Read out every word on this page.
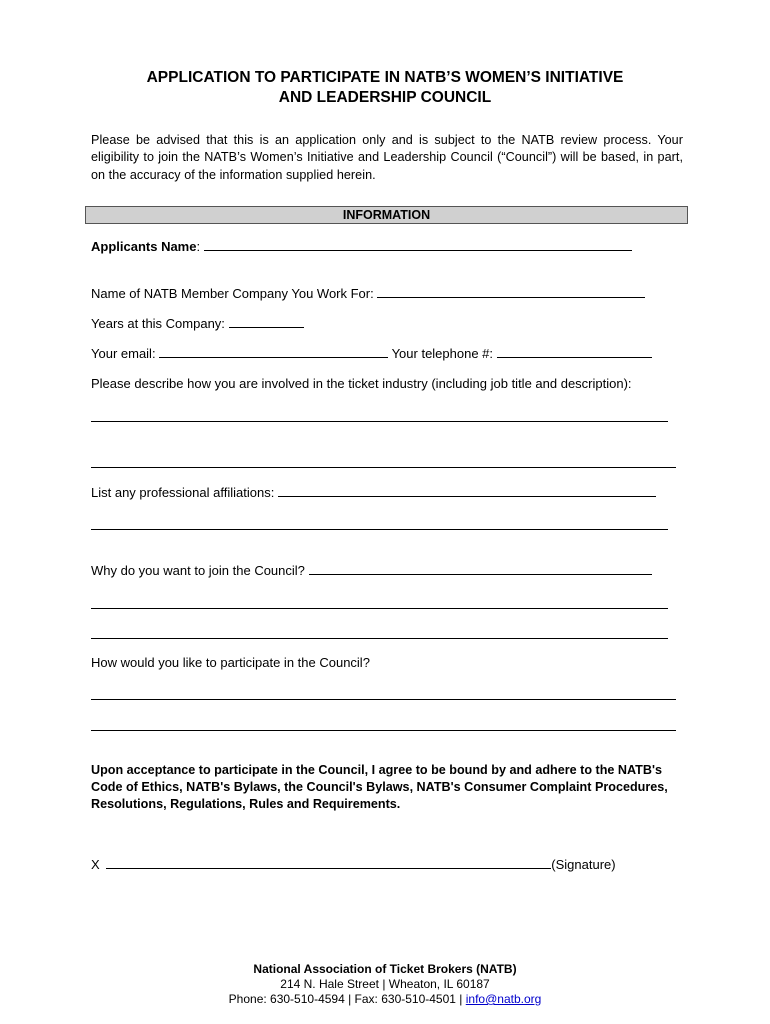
APPLICATION TO PARTICIPATE IN NATB’S WOMEN’S INITIATIVE
AND LEADERSHIP COUNCIL
Please be advised that this is an application only and is subject to the NATB review process. Your eligibility to join the NATB’s Women’s Initiative and Leadership Council (“Council”) will be based, in part, on the accuracy of the information supplied herein.
INFORMATION
Applicants Name:
Name of NATB Member Company You Work For:
Years at this Company:
Your email:	Your telephone #:
Please describe how you are involved in the ticket industry (including job title and description):
List any professional affiliations:
Why do you want to join the Council?
How would you like to participate in the Council?
Upon acceptance to participate in the Council, I agree to be bound by and adhere to the NATB's Code of Ethics, NATB's Bylaws, the Council's Bylaws, NATB's Consumer Complaint Procedures, Resolutions, Regulations, Rules and Requirements.
X	(Signature)
National Association of Ticket Brokers (NATB)
214 N. Hale Street | Wheaton, IL 60187
Phone: 630-510-4594 | Fax: 630-510-4501 | info@natb.org
